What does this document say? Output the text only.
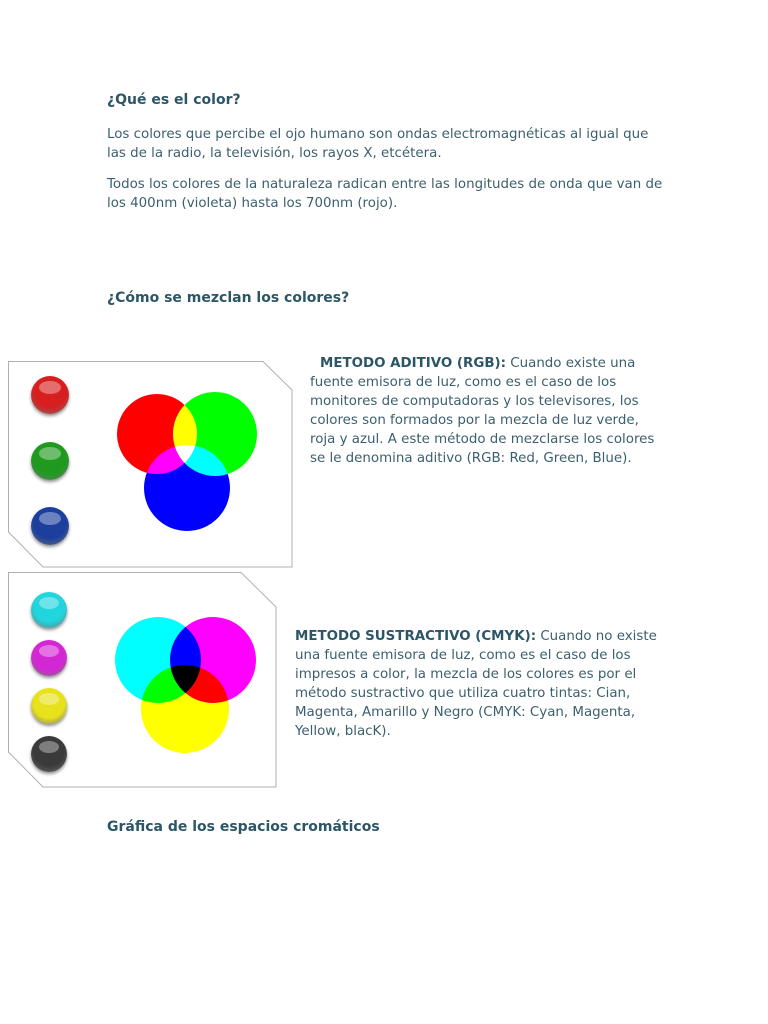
¿Qué es el color?

Los colores que percibe el ojo humano son ondas electromagnéticas al igual que las de la radio, la televisión, los rayos X, etcétera.

Todos los colores de la naturaleza radican entre las longitudes de onda que van de los 400nm (violeta) hasta los 700nm (rojo).

¿Cómo se mezclan los colores?

METODO ADITIVO (RGB): Cuando existe una fuente emisora de luz, como es el caso de los monitores de computadoras y los televisores, los colores son formados por la mezcla de luz verde, roja y azul. A este método de mezclarse los colores se le denomina aditivo (RGB: Red, Green, Blue).

METODO SUSTRACTIVO (CMYK): Cuando no existe una fuente emisora de luz, como es el caso de los impresos a color, la mezcla de los colores es por el método sustractivo que utiliza cuatro tintas: Cian, Magenta, Amarillo y Negro (CMYK: Cyan, Magenta, Yellow, blacK).

Gráfica de los espacios cromáticos
